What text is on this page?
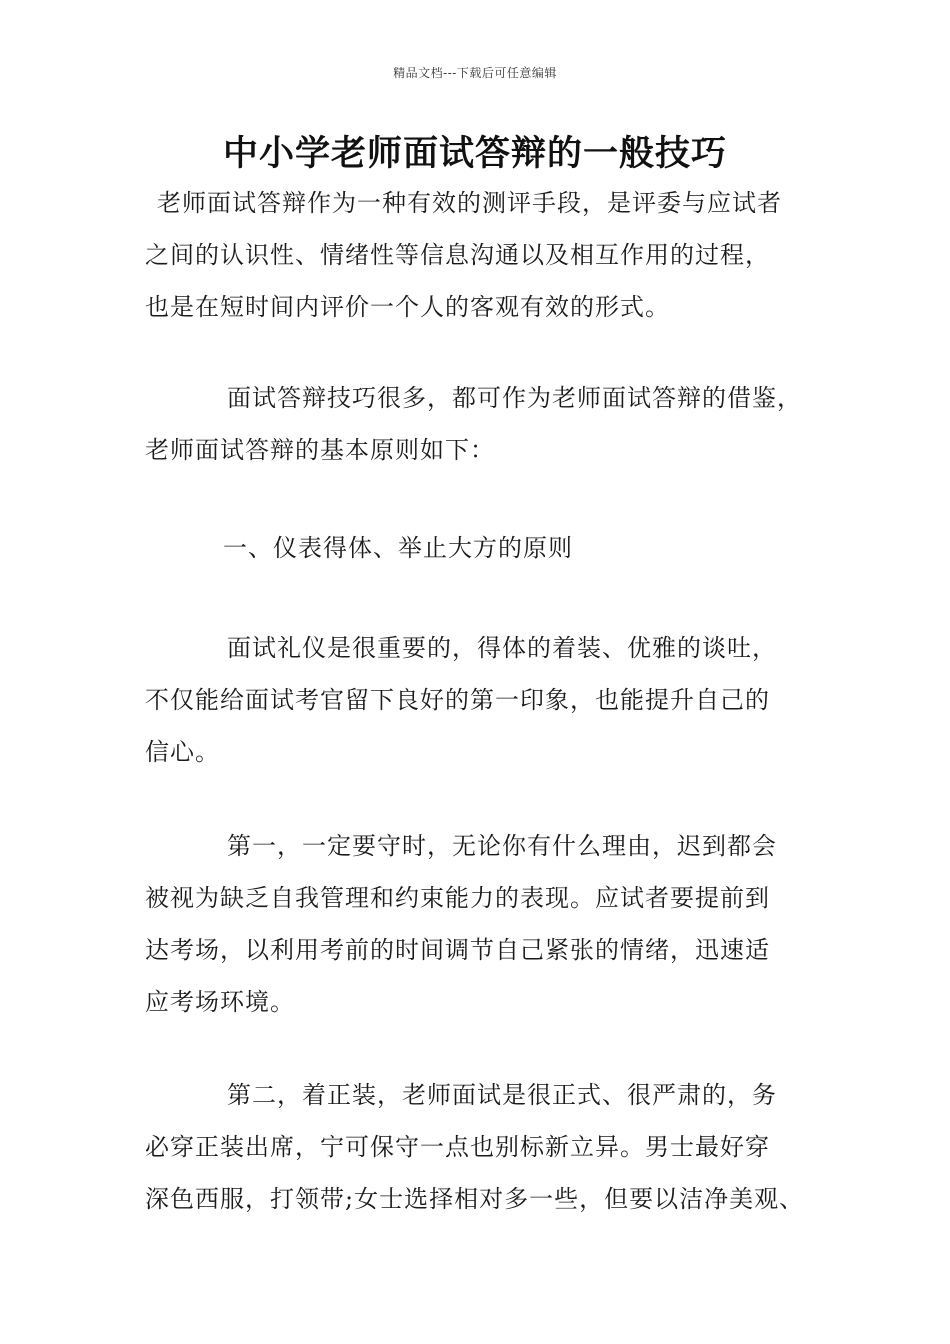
精品文档---下载后可任意编辑
中小学老师面试答辩的一般技巧
老师面试答辩作为一种有效的测评手段，是评委与应试者
之间的认识性、情绪性等信息沟通以及相互作用的过程，
也是在短时间内评价一个人的客观有效的形式。
面试答辩技巧很多，都可作为老师面试答辩的借鉴，
老师面试答辩的基本原则如下：
一、仪表得体、举止大方的原则
面试礼仪是很重要的，得体的着装、优雅的谈吐，
不仅能给面试考官留下良好的第一印象，也能提升自己的
信心。
第一，一定要守时，无论你有什么理由，迟到都会
被视为缺乏自我管理和约束能力的表现。应试者要提前到
达考场，以利用考前的时间调节自己紧张的情绪，迅速适
应考场环境。
第二，着正装，老师面试是很正式、很严肃的，务
必穿正装出席，宁可保守一点也别标新立异。男士最好穿
深色西服，打领带;女士选择相对多一些，但要以洁净美观、
